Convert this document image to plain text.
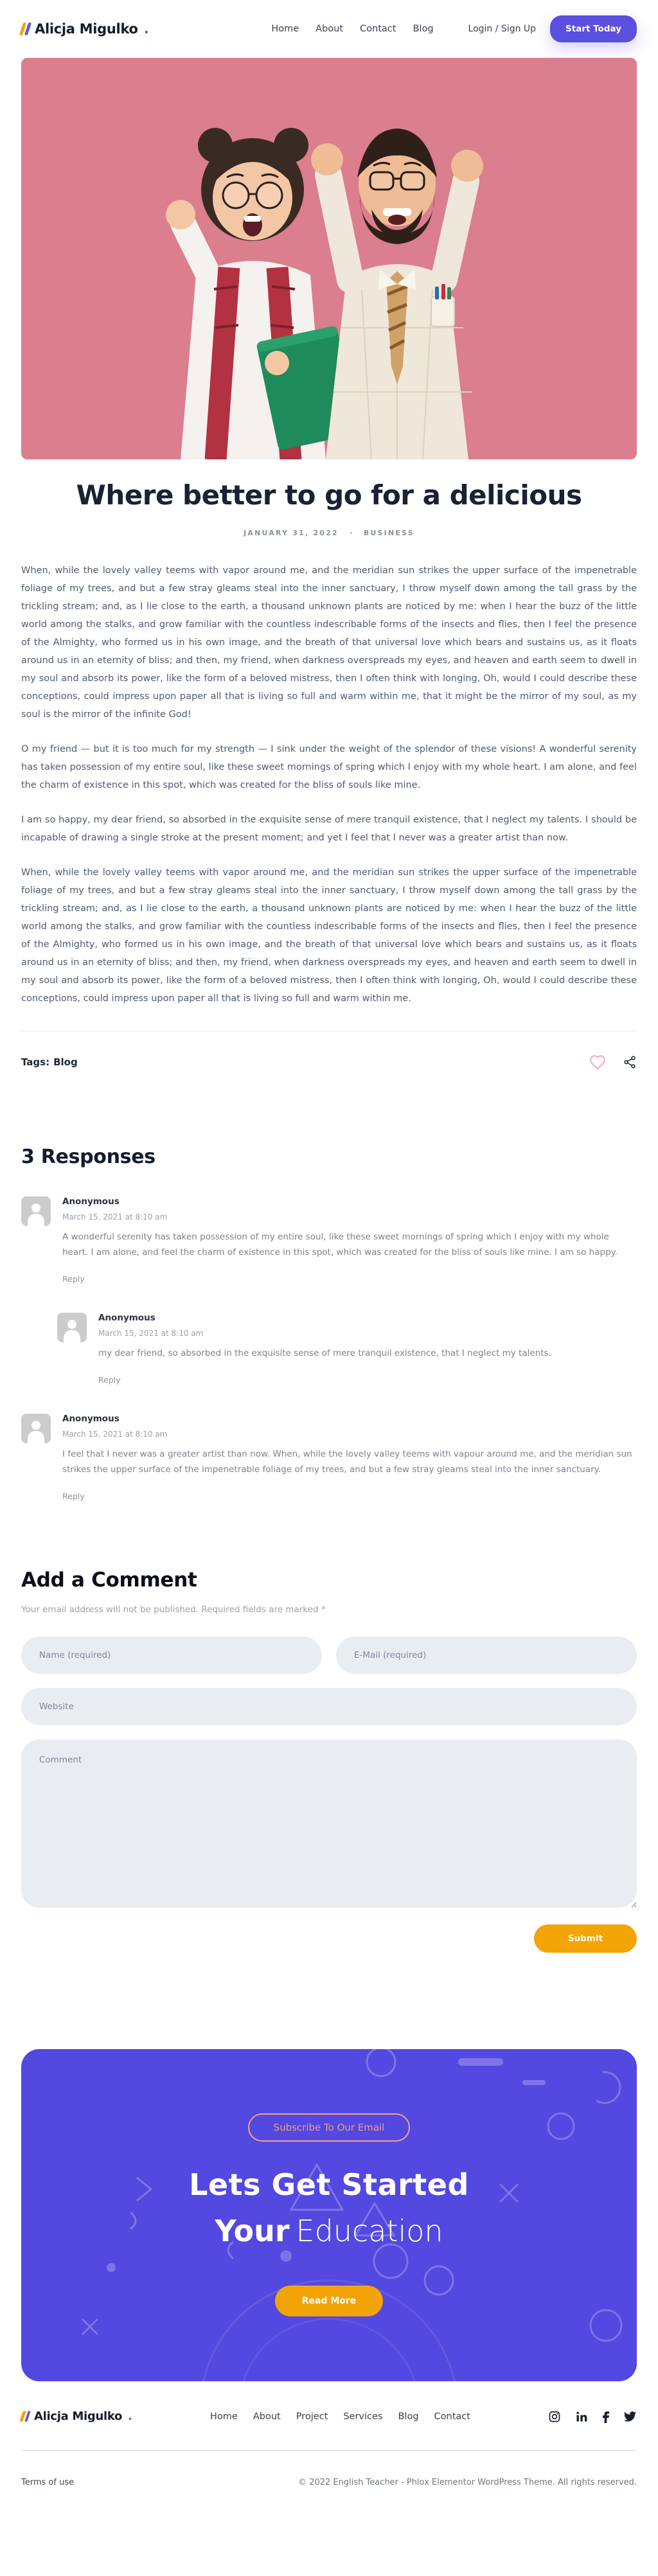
Alicja Migulko .	Home About Contact Blog	Login / Sign Up	Start Today
Where better to go for a delicious
JANUARY 31, 2022	BUSINESS

When, while the lovely valley teems with vapor around me, and the meridian sun strikes the upper surface of the impenetrable foliage of my trees, and but a few stray gleams steal into the inner sanctuary, I throw myself down among the tall grass by the trickling stream; and, as I lie close to the earth, a thousand unknown plants are noticed by me: when I hear the buzz of the little world among the stalks, and grow familiar with the countless indescribable forms of the insects and flies, then I feel the presence of the Almighty, who formed us in his own image, and the breath of that universal love which bears and sustains us, as it floats around us in an eternity of bliss; and then, my friend, when darkness overspreads my eyes, and heaven and earth seem to dwell in my soul and absorb its power, like the form of a beloved mistress, then I often think with longing, Oh, would I could describe these conceptions, could impress upon paper all that is living so full and warm within me, that it might be the mirror of my soul, as my soul is the mirror of the infinite God!

O my friend — but it is too much for my strength — I sink under the weight of the splendor of these visions! A wonderful serenity has taken possession of my entire soul, like these sweet mornings of spring which I enjoy with my whole heart. I am alone, and feel the charm of existence in this spot, which was created for the bliss of souls like mine.

I am so happy, my dear friend, so absorbed in the exquisite sense of mere tranquil existence, that I neglect my talents. I should be incapable of drawing a single stroke at the present moment; and yet I feel that I never was a greater artist than now.

When, while the lovely valley teems with vapor around me, and the meridian sun strikes the upper surface of the impenetrable foliage of my trees, and but a few stray gleams steal into the inner sanctuary, I throw myself down among the tall grass by the trickling stream; and, as I lie close to the earth, a thousand unknown plants are noticed by me: when I hear the buzz of the little world among the stalks, and grow familiar with the countless indescribable forms of the insects and flies, then I feel the presence of the Almighty, who formed us in his own image, and the breath of that universal love which bears and sustains us, as it floats around us in an eternity of bliss; and then, my friend, when darkness overspreads my eyes, and heaven and earth seem to dwell in my soul and absorb its power, like the form of a beloved mistress, then I often think with longing, Oh, would I could describe these conceptions, could impress upon paper all that is living so full and warm within me.

Tags: Blog
3 Responses
Anonymous
March 15, 2021 at 8:10 am
A wonderful serenity has taken possession of my entire soul, like these sweet mornings of spring which I enjoy with my whole heart. I am alone, and feel the charm of existence in this spot, which was created for the bliss of souls like mine. I am so happy.
Reply
Anonymous
March 15, 2021 at 8:10 am
my dear friend, so absorbed in the exquisite sense of mere tranquil existence, that I neglect my talents.
Reply
Anonymous
March 15, 2021 at 8:10 am
I feel that I never was a greater artist than now. When, while the lovely valley teems with vapour around me, and the meridian sun strikes the upper surface of the impenetrable foliage of my trees, and but a few stray gleams steal into the inner sanctuary.
Reply
Add a Comment

Your email address will not be published. Required fields are marked *

Name (required)
E-Mail (required)
Website
Comment
Submit
Subscribe To Our Email
Lets Get Started
Your Education
Read More
Alicja Migulko .	Home About Project Services Blog Contact
Terms of use	© 2022 English Teacher - Phlox Elementor WordPress Theme. All rights reserved.
